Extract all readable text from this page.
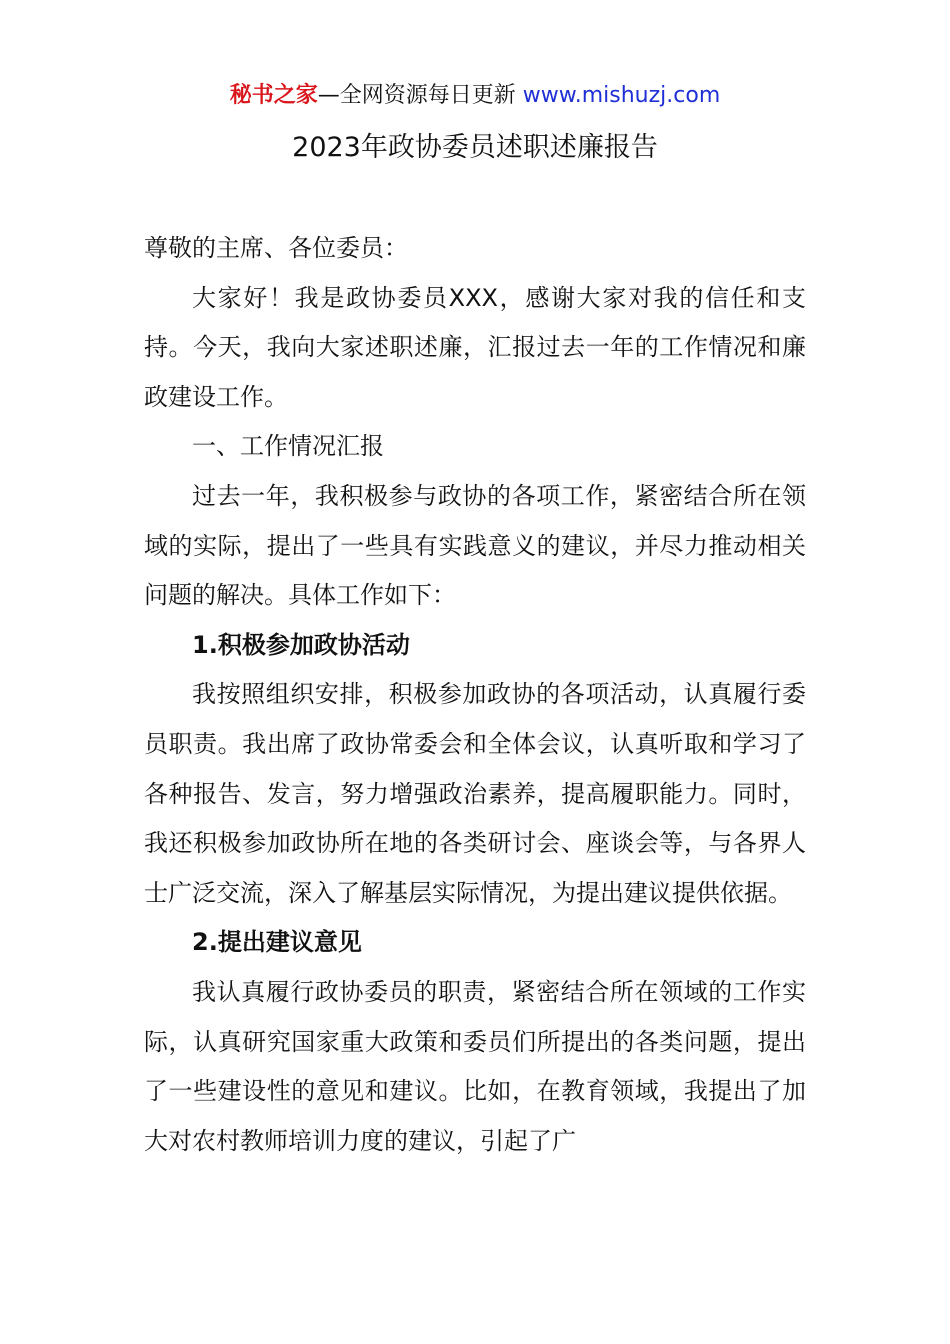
秘书之家—全网资源每日更新 www.mishuzj.com
2023年政协委员述职述廉报告

尊敬的主席、各位委员：

大家好！我是政协委员XXX，感谢大家对我的信任和支持。今天，我向大家述职述廉，汇报过去一年的工作情况和廉政建设工作。

一、工作情况汇报

过去一年，我积极参与政协的各项工作，紧密结合所在领域的实际，提出了一些具有实践意义的建议，并尽力推动相关问题的解决。具体工作如下：

1.积极参加政协活动

我按照组织安排，积极参加政协的各项活动，认真履行委员职责。我出席了政协常委会和全体会议，认真听取和学习了各种报告、发言，努力增强政治素养，提高履职能力。同时，我还积极参加政协所在地的各类研讨会、座谈会等，与各界人士广泛交流，深入了解基层实际情况，为提出建议提供依据。

2.提出建议意见

我认真履行政协委员的职责，紧密结合所在领域的工作实际，认真研究国家重大政策和委员们所提出的各类问题，提出了一些建设性的意见和建议。比如，在教育领域，我提出了加大对农村教师培训力度的建议，引起了广
